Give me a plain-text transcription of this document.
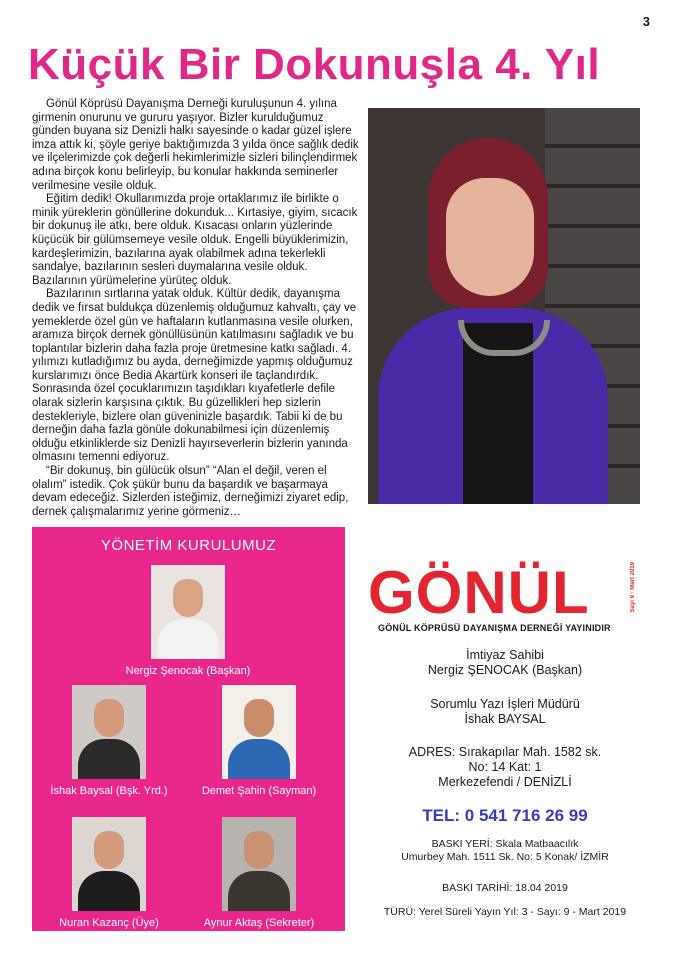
3
Küçük Bir Dokunuşla 4. Yıl

Gönül Köprüsü Dayanışma Derneği kuruluşunun 4. yılına girmenin onurunu ve gururu yaşıyor. Bizler kurulduğumuz günden buyana siz Denizli halkı sayesinde o kadar güzel işlere imza attık ki, şöyle geriye baktığımızda 3 yılda önce sağlık dedik ve ilçelerimizde çok değerli hekimlerimizle sizleri bilinçlendirmek adına birçok konu belirleyip, bu konular hakkında seminerler verilmesine vesile olduk.

Eğitim dedik! Okullarımızda proje ortaklarımız ile birlikte o minik yüreklerin gönüllerine dokunduk... Kırtasiye, giyim, sıcacık bir dokunuş ile atkı, bere olduk. Kısacası onların yüzlerinde küçücük bir gülümsemeye vesile olduk. Engelli büyüklerimizin, kardeşlerimizin, bazılarına ayak olabilmek adına tekerlekli sandalye, bazılarının sesleri duymalarına vesile olduk. Bazılarının yürümelerine yürüteç olduk.

Bazılarının sırtlarına yatak olduk. Kültür dedik, dayanışma dedik ve fırsat buldukça düzenlemiş olduğumuz kahvaltı, çay ve yemeklerde özel gün ve haftaların kutlanmasına vesile olurken, aramıza birçok dernek gönüllüsünün katılmasını sağladık ve bu toplantılar bizlerin daha fazla proje üretmesine katkı sağladı. 4. yılımızı kutladığımız bu ayda, derneğimizde yapmış olduğumuz kurslarımızı önce Bedia Akartürk konseri ile taçlandırdık. Sonrasında özel çocuklarımızın taşıdıkları kıyafetlerle defile olarak sizlerin karşısına çıktık. Bu güzellikleri hep sizlerin destekleriyle, bizlere olan güveninizle başardık. Tabii ki de bu derneğin daha fazla gönüle dokunabilmesi için düzenlemiş olduğu etkinliklerde siz Denizli hayırseverlerin bizlerin yanında olmasını temenni ediyoruz.

“Bir dokunuş, bin gülücük olsun” “Alan el değil, veren el olalım” istedik. Çok şükür bunu da başardık ve başarmaya devam edeceğiz. Sizlerden isteğimiz, derneğimizi ziyaret edip, dernek çalışmalarımız yerine görmeniz…

YÖNETİM KURULUMUZ
Nergiz Şenocak (Başkan)
İshak Baysal (Bşk. Yrd.)	Demet Şahin (Sayman)
Nuran Kazanç (Üye)	Aynur Aktaş (Sekreter)
GÖNÜL	Sayı 9 · Mart 2019
GÖNÜL KÖPRÜSÜ DAYANIŞMA DERNEĞİ YAYINIDIR
İmtiyaz Sahibi
Nergiz ŞENOCAK (Başkan)
Sorumlu Yazı İşleri Müdürü
İshak BAYSAL
ADRES: Sırakapılar Mah. 1582 sk.
No: 14 Kat: 1
Merkezefendi / DENİZLİ
TEL: 0 541 716 26 99
BASKI YERİ: Skala Matbaacılık
Umurbey Mah. 1511 Sk. No: 5 Konak/ İZMİR
BASKI TARİHİ: 18.04 2019
TÜRÜ: Yerel Süreli Yayın Yıl: 3 - Sayı: 9 - Mart 2019
